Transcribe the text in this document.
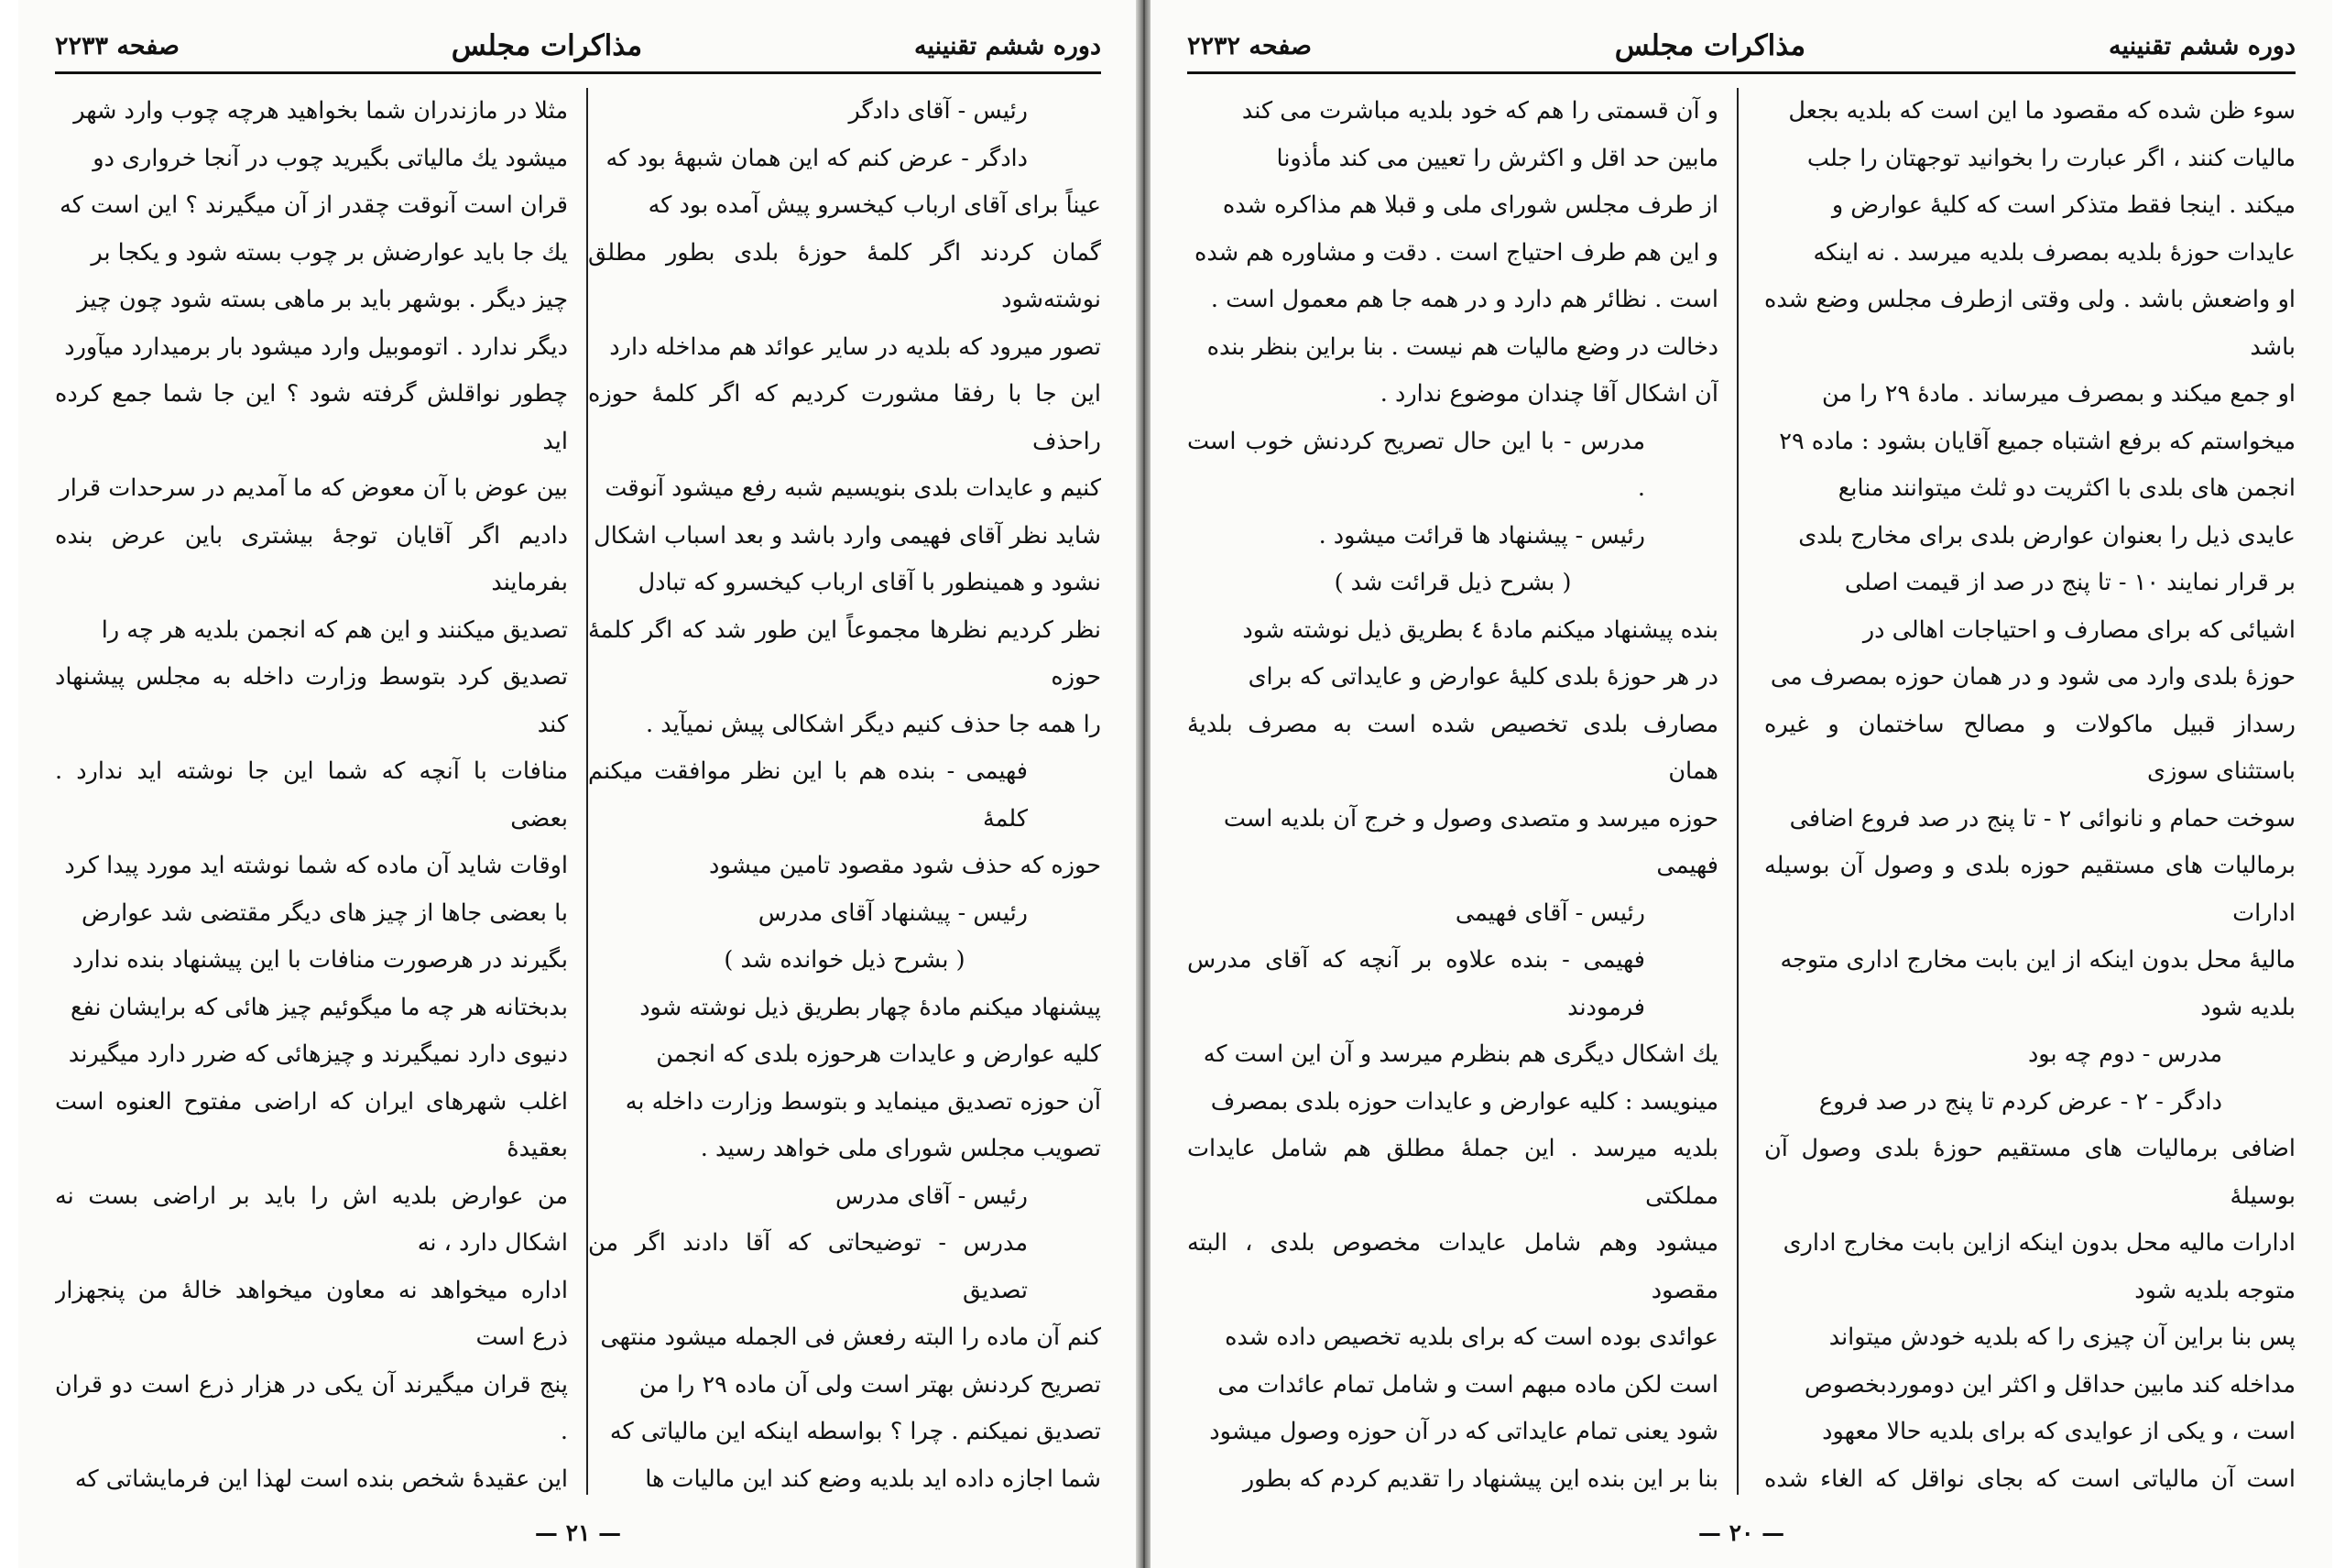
دوره ششم تقنینیه
مذاکرات مجلس
صفحه ۲۲۳۳

رئیس - آقای دادگر

دادگر - عرض کنم که این همان شبههٔ بود که

عیناً برای آقای ارباب کیخسرو پیش آمده بود که

گمان کردند اگر کلمهٔ حوزهٔ بلدی بطور مطلق نوشته‌شود

تصور میرود که بلدیه در سایر عوائد هم مداخله دارد

این جا با رفقا مشورت کردیم که اگر کلمهٔ حوزه راحذف

کنیم و عایدات بلدی بنویسیم شبه رفع میشود آنوقت

شاید نظر آقای فهیمی وارد باشد و بعد اسباب اشکال

نشود و همینطور با آقای ارباب کیخسرو که تبادل

نظر کردیم نظرها مجموعاً این طور شد که اگر کلمهٔ حوزه

را همه جا حذف کنیم دیگر اشکالی پیش نمیآید .

فهیمی - بنده هم با این نظر موافقت میکنم کلمهٔ

حوزه که حذف شود مقصود تامین میشود

رئیس - پیشنهاد آقای مدرس

( بشرح ذیل خوانده شد )

پیشنهاد میکنم مادهٔ چهار بطریق ذیل نوشته شود

کلیه عوارض و عایدات هرحوزه بلدی که انجمن

آن حوزه تصدیق مینماید و بتوسط وزارت داخله به

تصویب مجلس شورای ملی خواهد رسید .

رئیس - آقای مدرس

مدرس - توضیحاتی که آقا دادند اگر من تصدیق

کنم آن ماده را البته رفعش فی الجمله میشود منتهی

تصریح کردنش بهتر است ولی آن ماده ۲۹ را من

تصدیق نمیکنم . چرا ؟ بواسطه اینکه این مالیاتی که

شما اجازه داده اید بلدیه وضع کند این مالیات ها

مثلا در مازندران شما بخواهید هرچه چوب وارد شهر

میشود یك مالیاتی بگیرید چوب در آنجا خرواری دو

قران است آنوقت چقدر از آن میگیرند ؟ این است که

یك جا باید عوارضش بر چوب بسته شود و یکجا بر

چیز دیگر . بوشهر باید بر ماهی بسته شود چون چیز

دیگر ندارد . اتوموبیل وارد میشود بار برمیدارد میآورد

چطور نواقلش گرفته شود ؟ این جا شما جمع کرده اید

بین عوض با آن معوض که ما آمدیم در سرحدات قرار

دادیم اگر آقایان توجهٔ بیشتری باین عرض بنده بفرمایند

تصدیق میکنند و این هم که انجمن بلدیه هر چه را

تصدیق کرد بتوسط وزارت داخله به مجلس پیشنهاد کند

منافات با آنچه که شما این جا نوشته اید ندارد . بعضی

اوقات شاید آن ماده که شما نوشته اید مورد پیدا کرد

با بعضی جاها از چیز های دیگر مقتضی شد عوارض

بگیرند در هرصورت منافات با این پیشنهاد بنده ندارد

بدبختانه هر چه ما میگوئیم چیز هائی که برایشان نفع

دنیوی دارد نمیگیرند و چیزهائی که ضرر دارد میگیرند

اغلب شهرهای ایران که اراضی مفتوح العنوه است بعقیدهٔ

من عوارض بلدیه اش را باید بر اراضی بست نه اشکال دارد ، نه

اداره میخواهد نه معاون میخواهد خالهٔ من پنجهزار ذرع است

پنج قران میگیرند آن یکی در هزار ذرع است دو قران .

این عقیدهٔ شخص بنده است لهذا این فرمایشاتی که

— ۲۱ —
دوره ششم تقنینیه
مذاکرات مجلس
صفحه ۲۲۳۲

سوء ظن شده که مقصود ما این است که بلدیه بجعل

مالیات کنند ، اگر عبارت را بخوانید توجهتان را جلب

میکند . اینجا فقط متذکر است که کلیهٔ عوارض و

عایدات حوزهٔ بلدیه بمصرف بلدیه میرسد . نه اینکه

او واضعش باشد . ولی وقتی ازطرف مجلس وضع شده باشد

او جمع میکند و بمصرف میرساند . مادهٔ ۲۹ را من

میخواستم که برفع اشتباه جمیع آقایان بشود : ماده ۲۹

انجمن های بلدی با اکثریت دو ثلث میتوانند منابع

عایدی ذیل را بعنوان عوارض بلدی برای مخارج بلدی

بر قرار نمایند ۱۰ - تا پنج در صد از قیمت اصلی

اشیائی که برای مصارف و احتیاجات اهالی در

حوزهٔ بلدی وارد می شود و در همان حوزه بمصرف می

رسداز قبیل ماکولات و مصالح ساختمان و غیره باستثنای سوزی

سوخت حمام و نانوائی ۲ - تا پنج در صد فروع اضافی

برمالیات های مستقیم حوزه بلدی و وصول آن بوسیله ادارات

مالیهٔ محل بدون اینکه از این بابت مخارج اداری متوجه

بلدیه شود

مدرس - دوم چه بود

دادگر - ۲ - عرض کردم تا پنج در صد فروع

اضافی برمالیات های مستقیم حوزهٔ بلدی وصول آن بوسیلهٔ

ادارات مالیه محل بدون اینکه ازاین بابت مخارج اداری

متوجه بلدیه شود

پس بنا براین آن چیزی را که بلدیه خودش میتواند

مداخله کند مابین حداقل و اکثر این دوموردبخصوص

است ، و یکی از عوایدی که برای بلدیه حالا معهود

است آن مالیاتی است که بجای نواقل که الغاء شده

و آن قسمتی را هم که خود بلدیه مباشرت می کند

مابین حد اقل و اکثرش را تعیین می کند مأذونا

از طرف مجلس شورای ملی و قبلا هم مذاکره شده

و این هم طرف احتیاج است . دقت و مشاوره هم شده

است . نظائر هم دارد و در همه جا هم معمول است .

دخالت در وضع مالیات هم نیست . بنا براین بنظر بنده

آن اشکال آقا چندان موضوع ندارد .

مدرس - با این حال تصریح کردنش خوب است .

رئیس - پیشنهاد ها قرائت میشود .

( بشرح ذیل قرائت شد )

بنده پیشنهاد میکنم مادهٔ ٤ بطریق ذیل نوشته شود

در هر حوزهٔ بلدی کلیهٔ عوارض و عایداتی که برای

مصارف بلدی تخصیص شده است به مصرف بلدیهٔ همان

حوزه میرسد و متصدی وصول و خرج آن بلدیه است

فهیمی

رئیس - آقای فهیمی

فهیمی - بنده علاوه بر آنچه که آقای مدرس فرمودند

یك اشکال دیگری هم بنظرم میرسد و آن این است که

مینویسد : کلیه عوارض و عایدات حوزه بلدی بمصرف

بلدیه میرسد . این جملهٔ مطلق هم شامل عایدات مملکتی

میشود وهم شامل عایدات مخصوص بلدی ، البته مقصود

عوائدی بوده است که برای بلدیه تخصیص داده شده

است لکن ماده مبهم است و شامل تمام عائدات می

شود یعنی تمام عایداتی که در آن حوزه وصول میشود

بنا بر این بنده این پیشنهاد را تقدیم کردم که بطور

— ۲۰ —
